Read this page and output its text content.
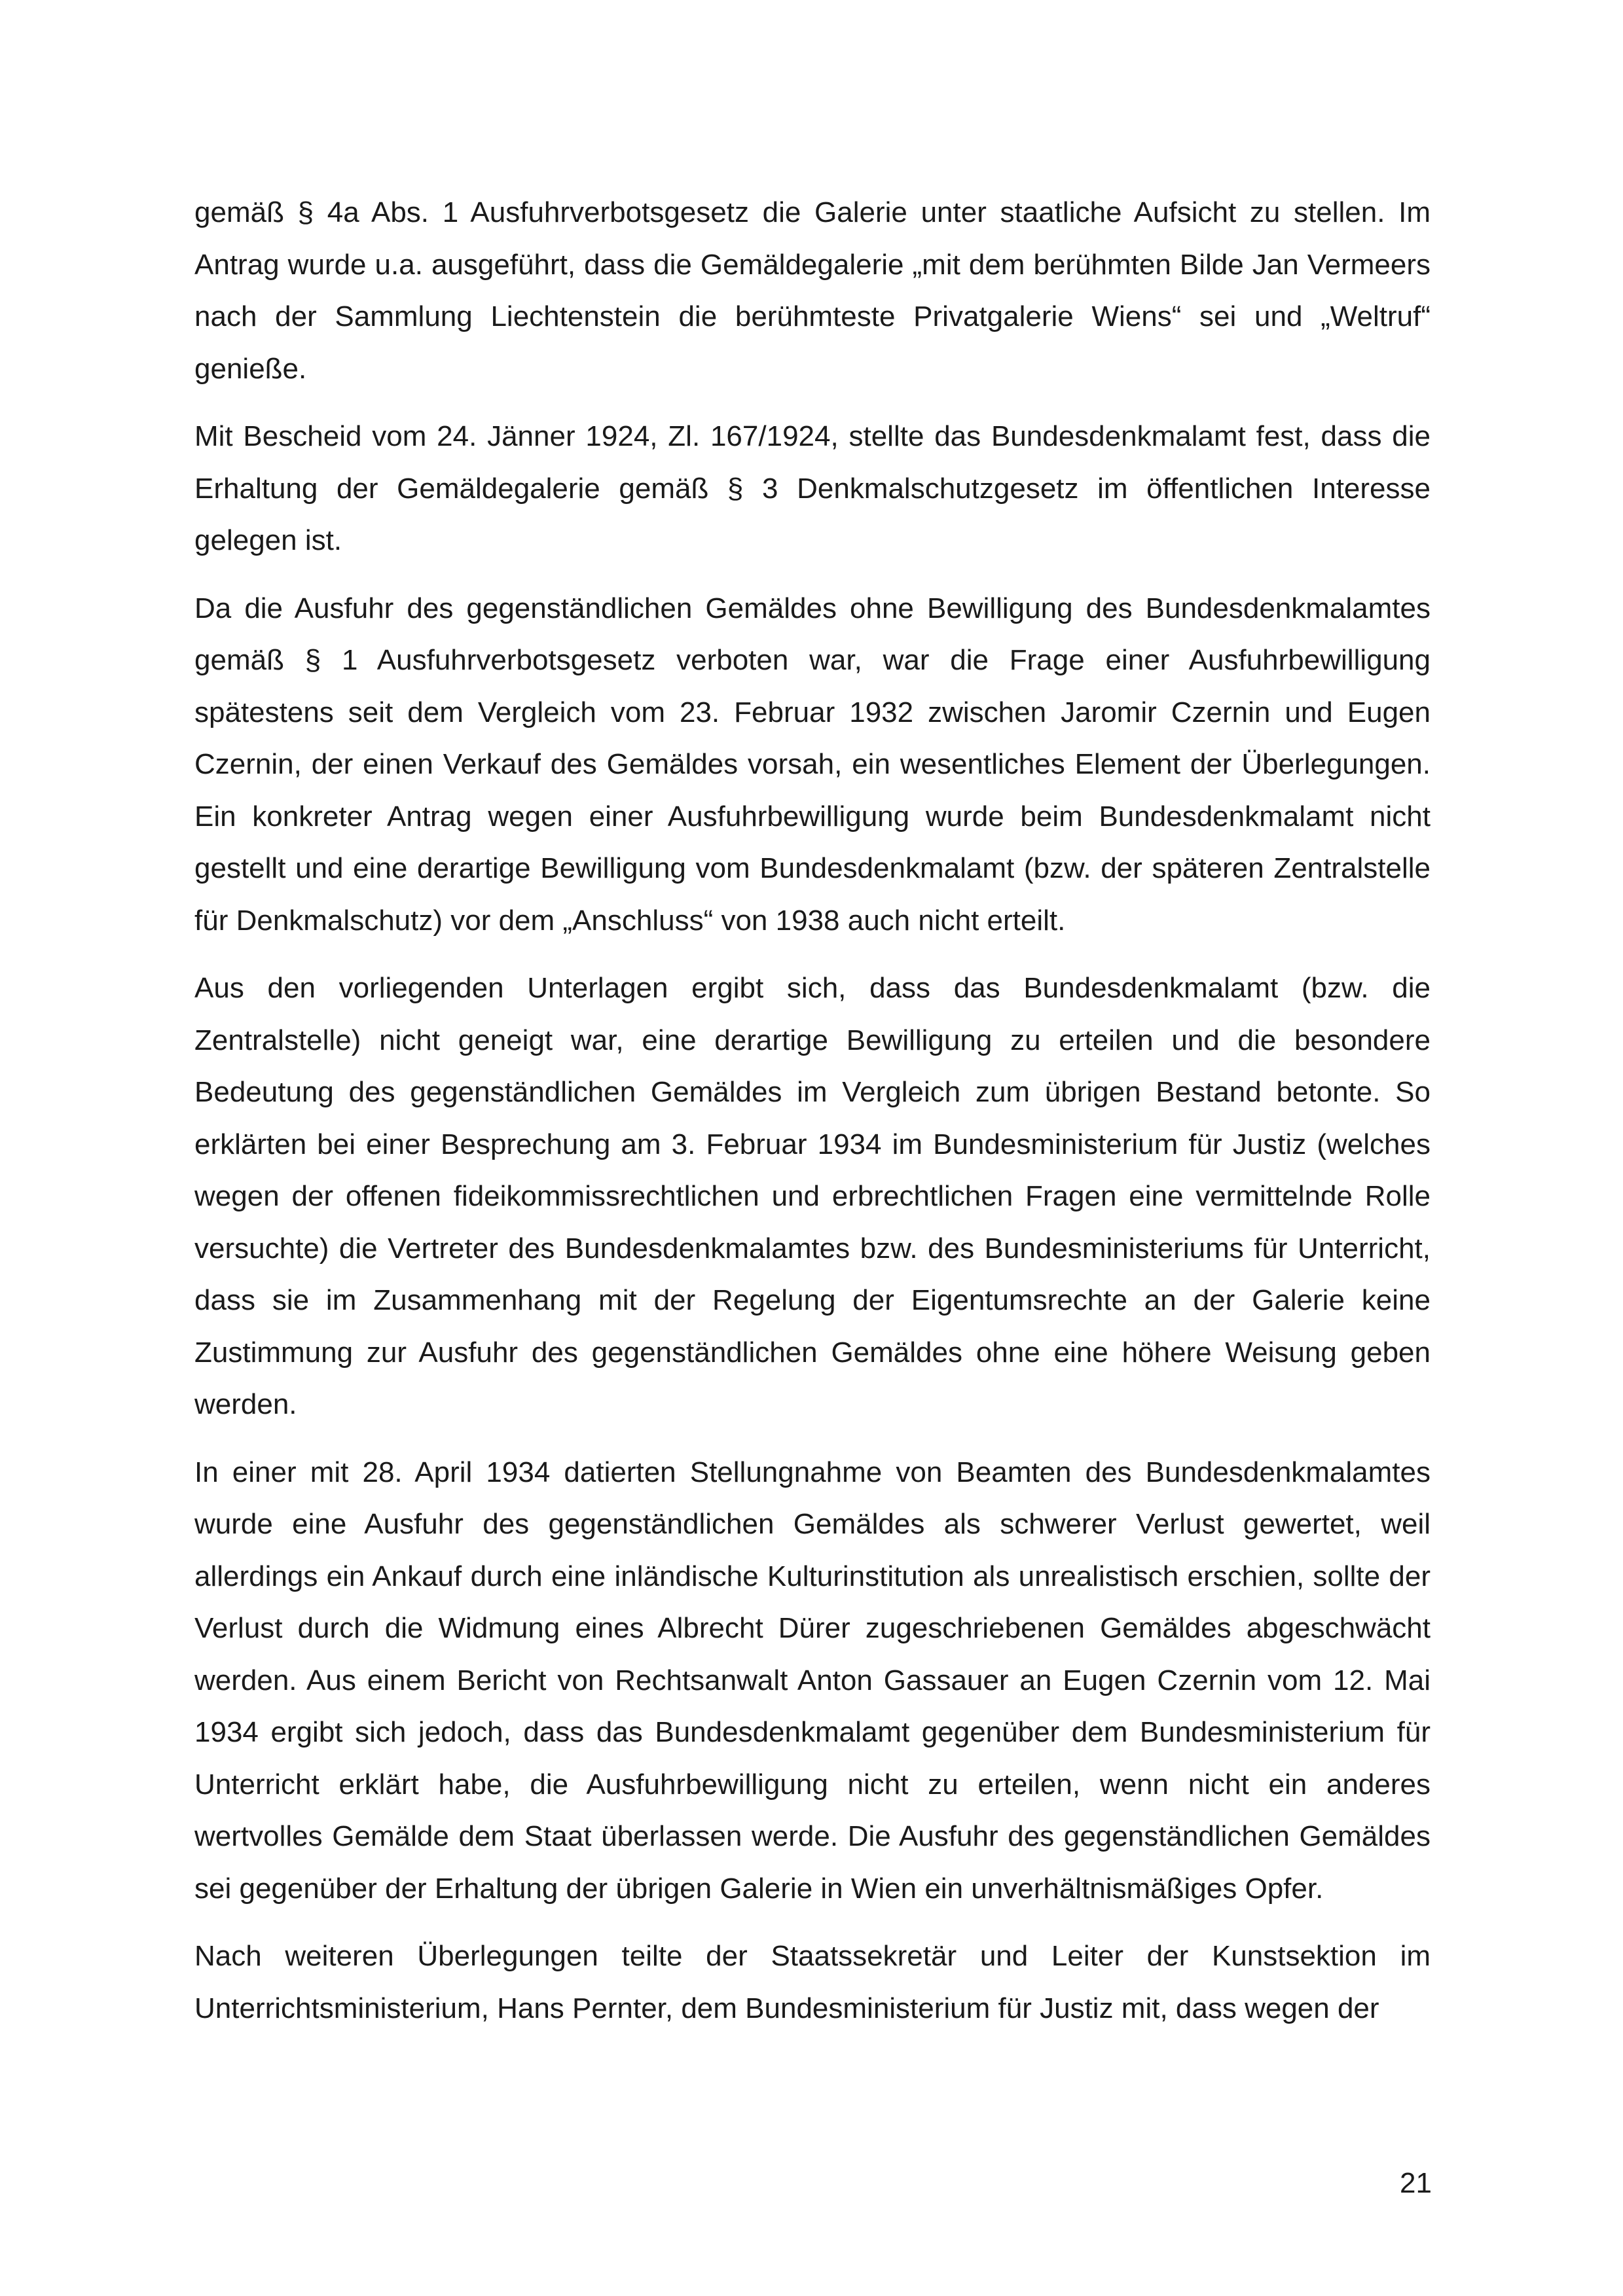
gemäß § 4a Abs. 1 Ausfuhrverbotsgesetz die Galerie unter staatliche Aufsicht zu stellen. Im Antrag wurde u.a. ausgeführt, dass die Gemäldegalerie „mit dem berühmten Bilde Jan Vermeers nach der Sammlung Liechtenstein die berühmteste Privatgalerie Wiens“ sei und „Weltruf“ genieße.

Mit Bescheid vom 24. Jänner 1924, Zl. 167/1924, stellte das Bundesdenkmalamt fest, dass die Erhaltung der Gemäldegalerie gemäß § 3 Denkmalschutzgesetz im öffentlichen Interesse gelegen ist.

Da die Ausfuhr des gegenständlichen Gemäldes ohne Bewilligung des Bundesdenkmalamtes gemäß § 1 Ausfuhrverbotsgesetz verboten war, war die Frage einer Ausfuhrbewilligung spätestens seit dem Vergleich vom 23. Februar 1932 zwischen Jaromir Czernin und Eugen Czernin, der einen Verkauf des Gemäldes vorsah, ein wesentliches Element der Überlegungen. Ein konkreter Antrag wegen einer Ausfuhrbewilligung wurde beim Bundesdenkmalamt nicht gestellt und eine derartige Bewilligung vom Bundesdenkmalamt (bzw. der späteren Zentralstelle für Denkmalschutz) vor dem „Anschluss“ von 1938 auch nicht erteilt.

Aus den vorliegenden Unterlagen ergibt sich, dass das Bundesdenkmalamt (bzw. die Zentralstelle) nicht geneigt war, eine derartige Bewilligung zu erteilen und die besondere Bedeutung des gegenständlichen Gemäldes im Vergleich zum übrigen Bestand betonte. So erklärten bei einer Besprechung am 3. Februar 1934 im Bundesministerium für Justiz (welches wegen der offenen fideikommissrechtlichen und erbrechtlichen Fragen eine vermittelnde Rolle versuchte) die Vertreter des Bundesdenkmalamtes bzw. des Bundesministeriums für Unterricht, dass sie im Zusammenhang mit der Regelung der Eigentumsrechte an der Galerie keine Zustimmung zur Ausfuhr des gegenständlichen Gemäldes ohne eine höhere Weisung geben werden.

In einer mit 28. April 1934 datierten Stellungnahme von Beamten des Bundesdenkmalamtes wurde eine Ausfuhr des gegenständlichen Gemäldes als schwerer Verlust gewertet, weil allerdings ein Ankauf durch eine inländische Kulturinstitution als unrealistisch erschien, sollte der Verlust durch die Widmung eines Albrecht Dürer zugeschriebenen Gemäldes abgeschwächt werden. Aus einem Bericht von Rechtsanwalt Anton Gassauer an Eugen Czernin vom 12. Mai 1934 ergibt sich jedoch, dass das Bundesdenkmalamt gegenüber dem Bundesministerium für Unterricht erklärt habe, die Ausfuhrbewilligung nicht zu erteilen, wenn nicht ein anderes wertvolles Gemälde dem Staat überlassen werde. Die Ausfuhr des gegenständlichen Gemäldes sei gegenüber der Erhaltung der übrigen Galerie in Wien ein unverhältnismäßiges Opfer.

Nach weiteren Überlegungen teilte der Staatssekretär und Leiter der Kunstsektion im Unterrichtsministerium, Hans Pernter, dem Bundesministerium für Justiz mit, dass wegen der

21
